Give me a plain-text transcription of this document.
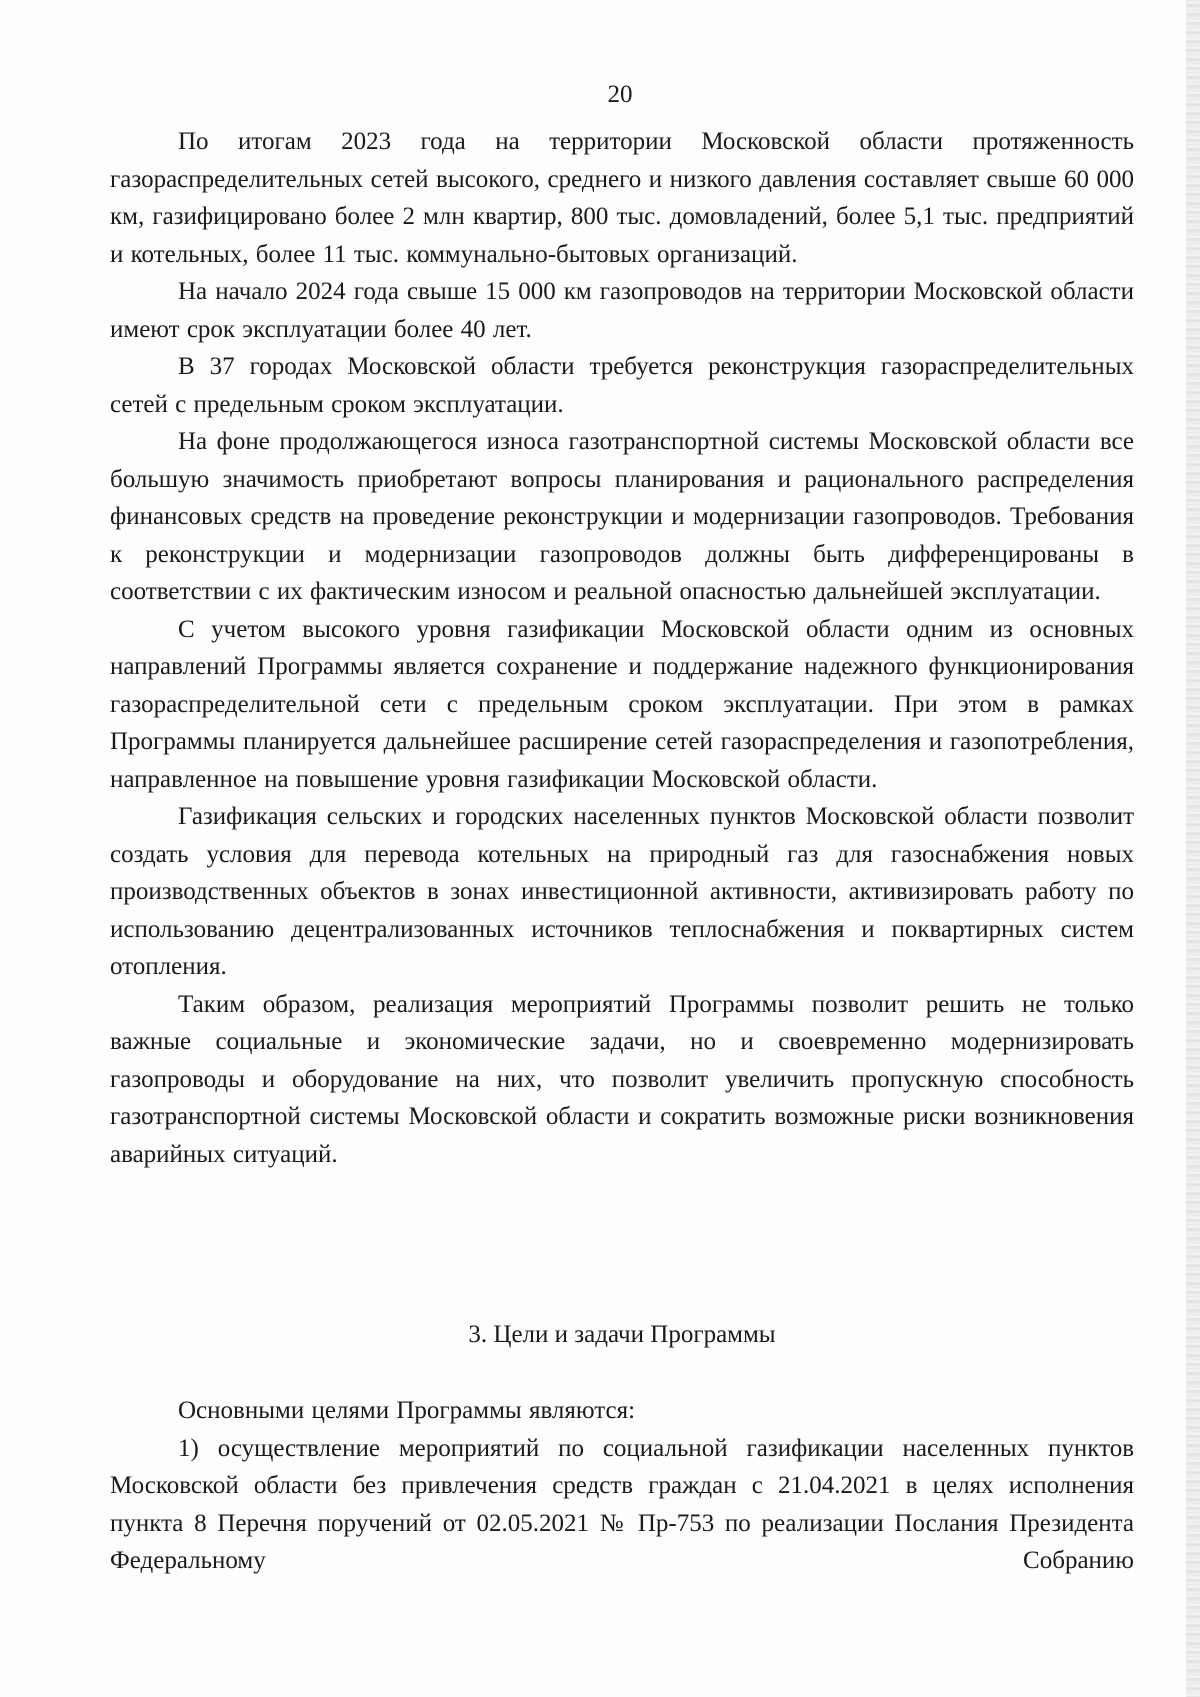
20

По итогам 2023 года на территории Московской области протяженность газораспределительных сетей высокого, среднего и низкого давления составляет свыше 60 000 км, газифицировано более 2 млн квартир, 800 тыс. домовладений, более 5,1 тыс. предприятий и котельных, более 11 тыс. коммунально-бытовых организаций.

На начало 2024 года свыше 15 000 км газопроводов на территории Московской области имеют срок эксплуатации более 40 лет.

В 37 городах Московской области требуется реконструкция газораспределительных сетей с предельным сроком эксплуатации.

На фоне продолжающегося износа газотранспортной системы Московской области все большую значимость приобретают вопросы планирования и рационального распределения финансовых средств на проведение реконструкции и модернизации газопроводов. Требования к реконструкции и модернизации газопроводов должны быть дифференцированы в соответствии с их фактическим износом и реальной опасностью дальнейшей эксплуатации.

С учетом высокого уровня газификации Московской области одним из основных направлений Программы является сохранение и поддержание надежного функционирования газораспределительной сети с предельным сроком эксплуатации. При этом в рамках Программы планируется дальнейшее расширение сетей газораспределения и газопотребления, направленное на повышение уровня газификации Московской области.

Газификация сельских и городских населенных пунктов Московской области позволит создать условия для перевода котельных на природный газ для газоснабжения новых производственных объектов в зонах инвестиционной активности, активизировать работу по использованию децентрализованных источников теплоснабжения и поквартирных систем отопления.

Таким образом, реализация мероприятий Программы позволит решить не только важные социальные и экономические задачи, но и своевременно модернизировать газопроводы и оборудование на них, что позволит увеличить пропускную способность газотранспортной системы Московской области и сократить возможные риски возникновения аварийных ситуаций.

3. Цели и задачи Программы

Основными целями Программы являются:

1) осуществление мероприятий по социальной газификации населенных пунктов Московской области без привлечения средств граждан с 21.04.2021 в целях исполнения пункта 8 Перечня поручений от 02.05.2021 № Пр-753 по реализации Послания Президента Федеральному Собранию
